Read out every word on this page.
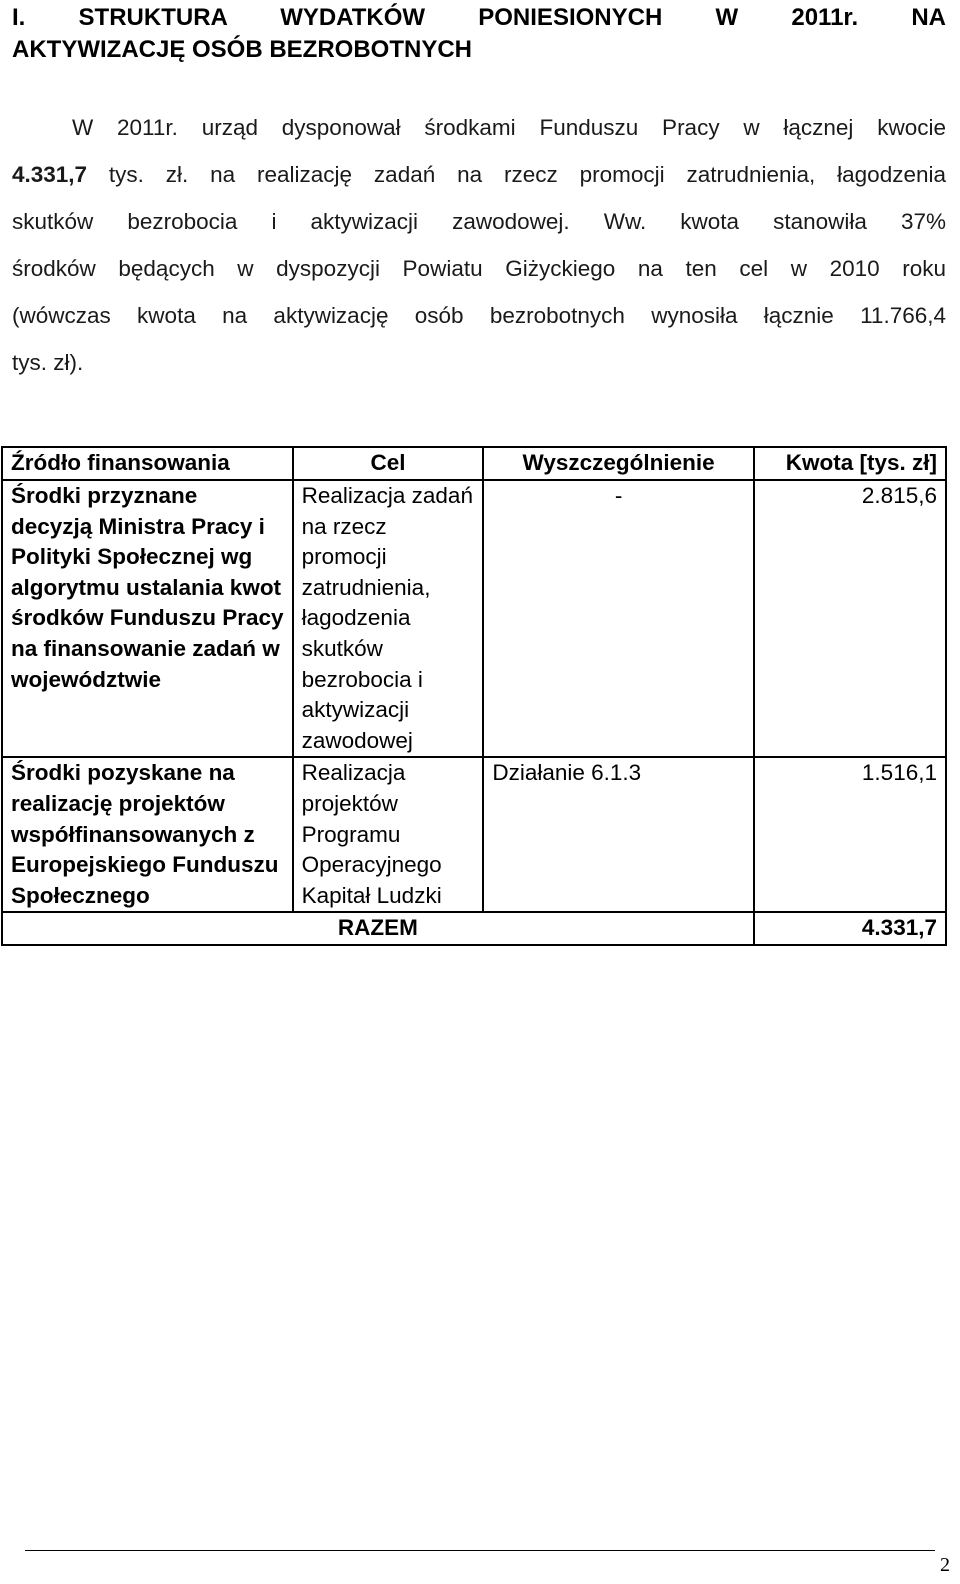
I. STRUKTURA WYDATKÓW PONIESIONYCH W 2011r. NA
AKTYWIZACJĘ OSÓB BEZROBOTNYCH
W 2011r. urząd dysponował środkami Funduszu Pracy w łącznej kwocie
4.331,7 tys. zł. na realizację zadań na rzecz promocji zatrudnienia, łagodzenia
skutków bezrobocia i aktywizacji zawodowej. Ww. kwota stanowiła 37%
środków będących w dyspozycji Powiatu Giżyckiego na ten cel w 2010 roku
(wówczas kwota na aktywizację osób bezrobotnych wynosiła łącznie 11.766,4
tys. zł).
Źródło finansowania	Cel	Wyszczególnienie	Kwota [tys. zł]
Środki przyznane decyzją Ministra Pracy i Polityki Społecznej wg algorytmu ustalania kwot środków Funduszu Pracy na finansowanie zadań w województwie	Realizacja zadań na rzecz promocji zatrudnienia, łagodzenia skutków bezrobocia i aktywizacji zawodowej	-	2.815,6
Środki pozyskane na realizację projektów współfinansowanych z Europejskiego Funduszu Społecznego	Realizacja projektów Programu Operacyjnego Kapitał Ludzki	Działanie 6.1.3	1.516,1
RAZEM			4.331,7
2
